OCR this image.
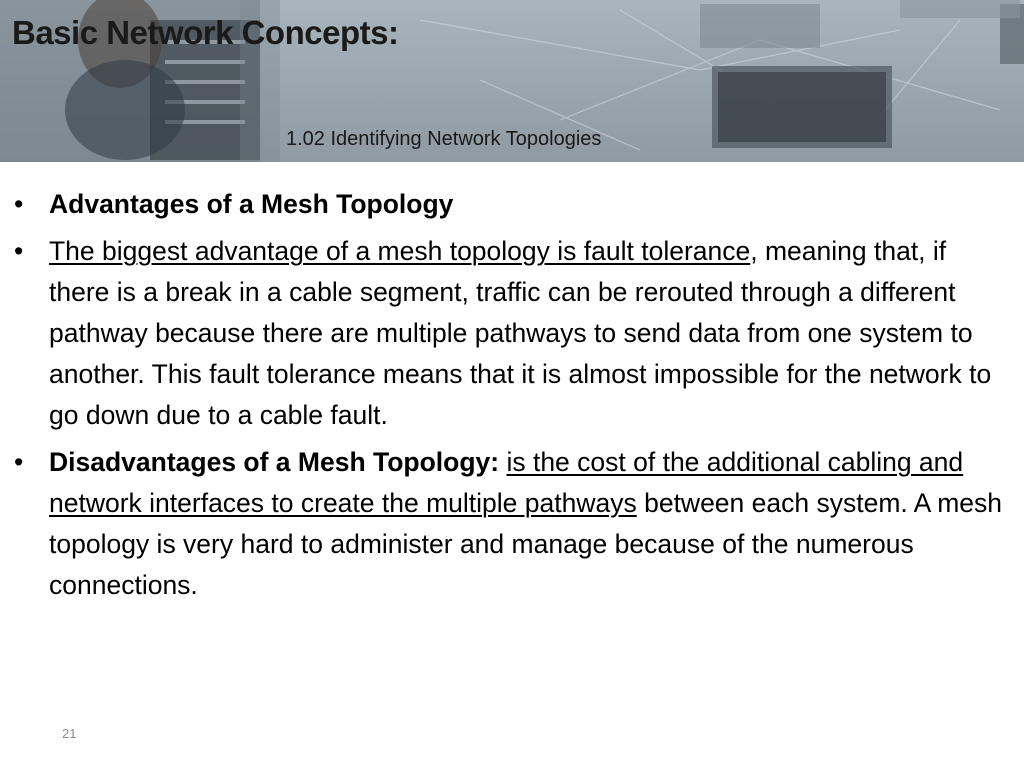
Basic Network Concepts:
1.02 Identifying Network Topologies
• Advantages of a Mesh Topology
• The biggest advantage of a mesh topology is fault tolerance, meaning that, if there is a break in a cable segment, traffic can be rerouted through a different pathway because there are multiple pathways to send data from one system to another. This fault tolerance means that it is almost impossible for the network to go down due to a cable fault.
• Disadvantages of a Mesh Topology: is the cost of the additional cabling and network interfaces to create the multiple pathways between each system. A mesh topology is very hard to administer and manage because of the numerous connections.
21
